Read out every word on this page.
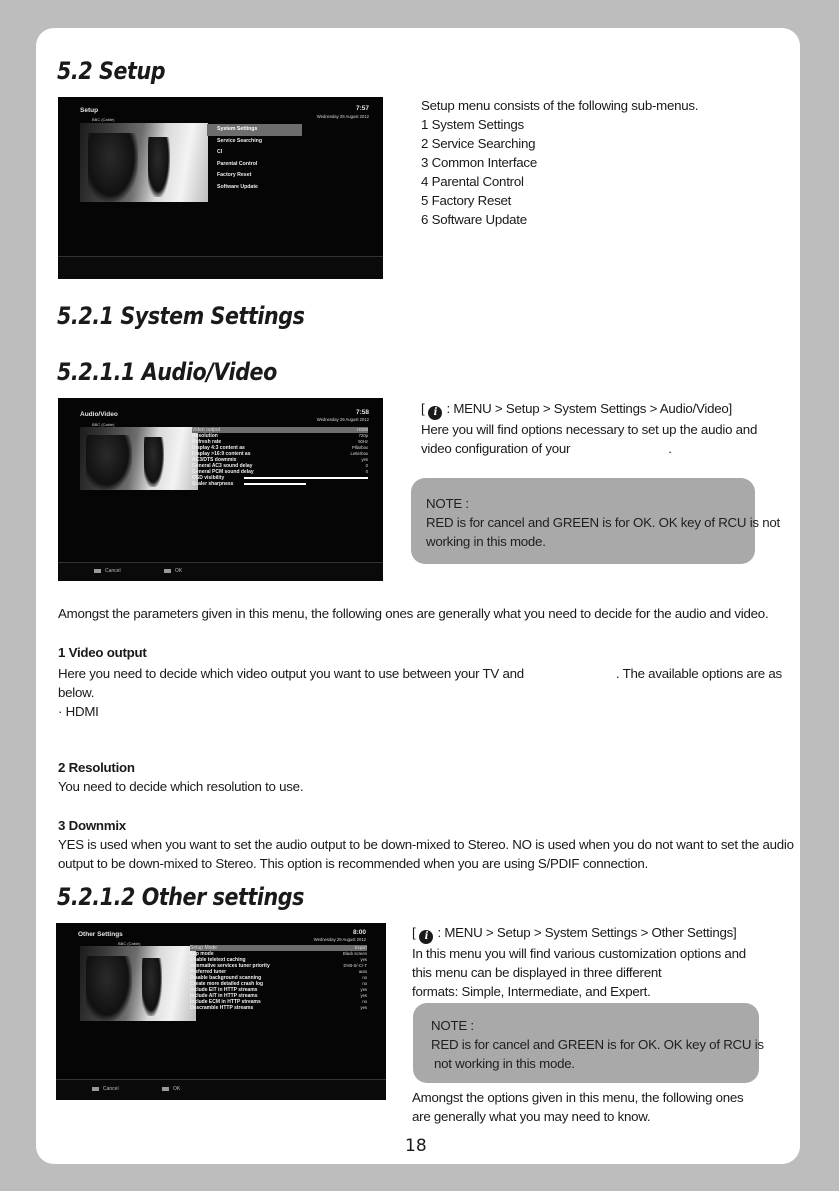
5.2 Setup
Setup	7:57
Wednesday 29 August 2012
BBC (Cable)
System Settings
Service Searching
CI
Parental Control
Factory Reset
Software Update

Setup menu consists of the following sub-menus.

1 System Settings

2 Service Searching

3 Common Interface

4 Parental Control

5 Factory Reset

6 Software Update

5.2.1 System Settings
5.2.1.1 Audio/Video
Audio/Video	7:58
Wednesday 29 August 2012
BBC (Cable)
Video output	HDMI
Resolution	720p
Refresh rate	50Hz
Display 4:3 content as	Pillarbox
Display >16:9 content as	Letterbox
AC3/DTS downmix	yes
General AC3 sound delay	0
General PCM sound delay	0
OSD visibility
Scaler sharpness
Cancel	OK

[ i : MENU > Setup > System Settings > Audio/Video]

Here you will find options necessary to set up the audio and

video configuration of your	.

NOTE :

RED is for cancel and GREEN is for OK. OK key of RCU is not

working in this mode.

Amongst the parameters given in this menu, the following ones are generally what you need to decide for the audio and video.
1 Video output

Here you need to decide which video output you want to use between your TV and	. The available options are as

below.

· HDMI

2 Resolution
You need to decide which resolution to use.
3 Downmix

YES is used when you want to set the audio output to be down-mixed to Stereo. NO is used when you do not want to set the audio

output to be down-mixed to Stereo. This option is recommended when you are using S/PDIF connection.

5.2.1.2 Other settings
Other Settings	8:00
Wednesday 29 August 2012
BBC (Cable)
Setup Mode	Expert
Zap mode	Black screen
Enable teletext caching	yes
Alternative services tuner priority	DVB-S/-C/-T
Preferred tuner	auto
Disable background scanning	no
Create more detailed crash log	no
Include EIT in HTTP streams	yes
Include AIT in HTTP streams	yes
Include ECM in HTTP streams	no
Descramble HTTP streams	yes
Cancel	OK

[ i : MENU > Setup > System Settings > Other Settings]

In this menu you will find various customization options and

this menu can be displayed in three different

formats: Simple, Intermediate, and Expert.

NOTE :

RED is for cancel and GREEN is for OK. OK key of RCU is

not working in this mode.

Amongst the options given in this menu, the following ones

are generally what you may need to know.

18
